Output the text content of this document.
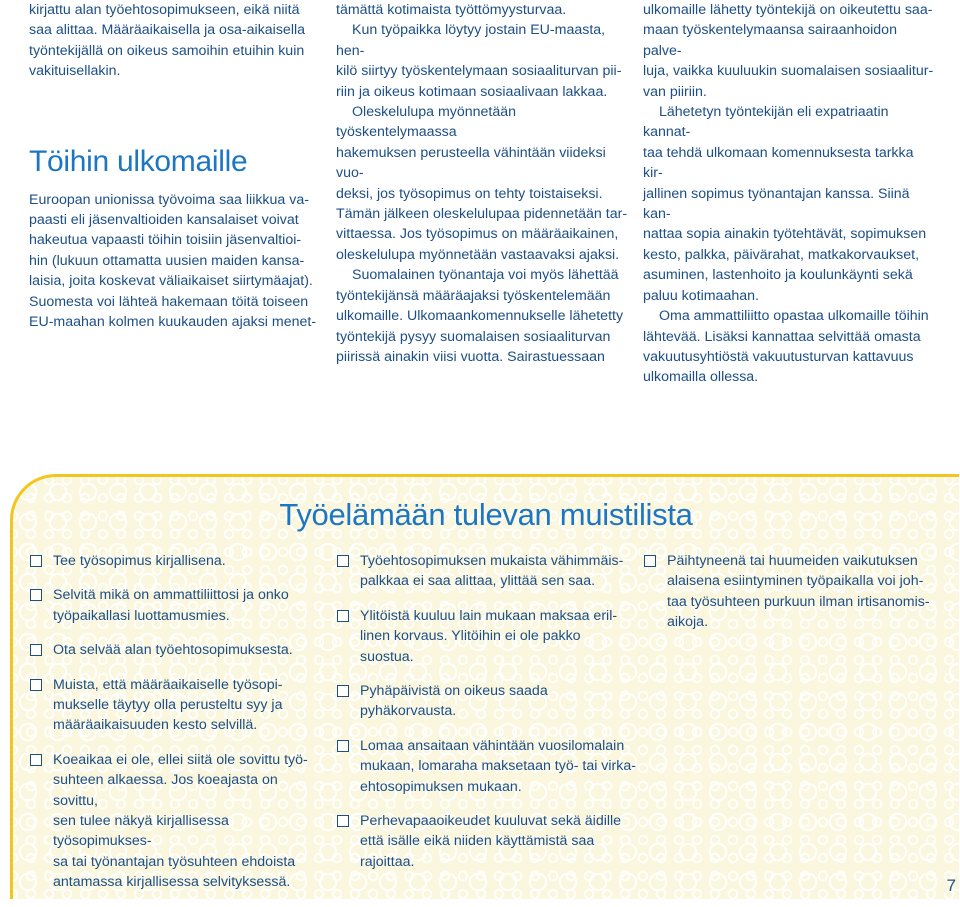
kirjattu alan työehtosopimukseen, eikä niitä
saa alittaa. Määräaikaisella ja osa-aikaisella
työntekijällä on oikeus samoihin etuihin kuin
vakituisellakin.

Töihin ulkomaille

Euroopan unionissa työvoima saa liikkua va-
paasti eli jäsenvaltioiden kansalaiset voivat
hakeutua vapaasti töihin toisiin jäsenvaltioi-
hin (lukuun ottamatta uusien maiden kansa-
laisia, joita koskevat väliaikaiset siirtymäajat).
Suomesta voi lähteä hakemaan töitä toiseen
EU-maahan kolmen kuukauden ajaksi menet-

tämättä kotimaista työttömyysturvaa.

Kun työpaikka löytyy jostain EU-maasta, hen-
kilö siirtyy työskentelymaan sosiaaliturvan pii-
riin ja oikeus kotimaan sosiaalivaan lakkaa.

Oleskelulupa myönnetään työskentelymaassa
hakemuksen perusteella vähintään viideksi vuo-
deksi, jos työsopimus on tehty toistaiseksi.
Tämän jälkeen oleskelulupaa pidennetään tar-
vittaessa. Jos työsopimus on määräaikainen,
oleskelulupa myönnetään vastaavaksi ajaksi.

Suomalainen työnantaja voi myös lähettää
työntekijänsä määräajaksi työskentelemään
ulkomaille. Ulkomaankomennukselle lähetetty
työntekijä pysyy suomalaisen sosiaaliturvan
piirissä ainakin viisi vuotta. Sairastuessaan

ulkomaille lähetty työntekijä on oikeutettu saa-
maan työskentelymaansa sairaanhoidon palve-
luja, vaikka kuuluukin suomalaisen sosiaalitur-
van piiriin.

Lähetetyn työntekijän eli expatriaatin kannat-
taa tehdä ulkomaan komennuksesta tarkka kir-
jallinen sopimus työnantajan kanssa. Siinä kan-
nattaa sopia ainakin työtehtävät, sopimuksen
kesto, palkka, päivärahat, matkakorvaukset,
asuminen, lastenhoito ja koulunkäynti sekä
paluu kotimaahan.

Oma ammattiliitto opastaa ulkomaille töihin
lähtevää. Lisäksi kannattaa selvittää omasta
vakuutusyhtiöstä vakuutusturvan kattavuus
ulkomailla ollessa.

Työelämään tulevan muistilista
Tee työsopimus kirjallisena.
Selvitä mikä on ammattiliittosi ja onko
työpaikallasi luottamusmies.
Ota selvää alan työehtosopimuksesta.
Muista, että määräaikaiselle työsopi-
mukselle täytyy olla perusteltu syy ja
määräaikaisuuden kesto selvillä.
Koeaikaa ei ole, ellei siitä ole sovittu työ-
suhteen alkaessa. Jos koeajasta on sovittu,
sen tulee näkyä kirjallisessa työsopimukses-
sa tai työnantajan työsuhteen ehdoista
antamassa kirjallisessa selvityksessä.
Työehtosopimuksen mukaista vähimmäis-
palkkaa ei saa alittaa, ylittää sen saa.
Ylitöistä kuuluu lain mukaan maksaa eril-
linen korvaus. Ylitöihin ei ole pakko suostua.
Pyhäpäivistä on oikeus saada pyhäkorvausta.
Lomaa ansaitaan vähintään vuosilomalain
mukaan, lomaraha maksetaan työ- tai virka-
ehtosopimuksen mukaan.
Perhevapaaoikeudet kuuluvat sekä äidille
että isälle eikä niiden käyttämistä saa
rajoittaa.
Päihtyneenä tai huumeiden vaikutuksen
alaisena esiintyminen työpaikalla voi joh-
taa työsuhteen purkuun ilman irtisanomis-
aikoja.

7
